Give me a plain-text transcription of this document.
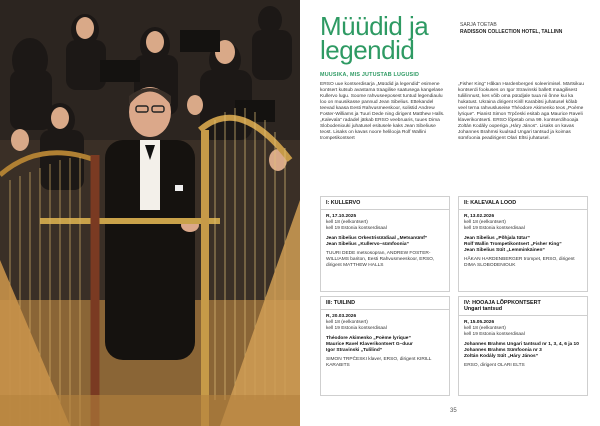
Müüdid ja legendid
SARJA TOETAB
RADISSON COLLECTION HOTEL, TALLINN
MUUSIKA, MIS JUTUSTAB LUGUSID

ERSO uue kontserdisarja „Müüdid ja legendid” esimene kontsert kutsub avastama traagilise saatusega kangelase Kullervo lugu. Soome rahvuseeposest tuntud legendiaulu loo on muusikasse pannud Jean Sibelius. Ettekandel teevad kaasa Eesti Rahvusmeeskoor, solistid Andrew Foster-Williams ja Tuuri Dede ning dirigent Matthew Halls. „Kalevala” radadel jätkab ERSO veebruaris, tuues Dima Slobodeniouki juhatusel esitusele kaks Jean Sibeliuse teost. Lisaks on kavas noore heliloojа Rolf Wallini trompetikontsert

„Fisher King” Håkan Hardenbergeri soleerimisel. Märtsikuu kontserdi fookuses on Igor Stravinski ballett maagilisest tuliilinnust, kes võib oma püüdjale tuua nii õnne kui ka hukatust. Ukraina dirigent Kirill Karabitsi juhatusel kõlab veel terna rahvusluseise Théodore Akimenko teos „Poème lyrique”. Pianist Simon Trpčeski esitab aga Maurice Raveli klaverikontserti. ERSO lõpetab oma 99. kontserdihooaja Zoltán Kodály ooperiga „Háry János”. Lisaks on kavas Johannes Brahmsi kuulsad Ungari tantsud ja koimas sümfoonia peadirigent Olari Eltsi juhatusel.

I: KULLERVO

R, 17.10.2025
kell 18 (eelkontsert)
kell 19 Estonia kontserdisaal

Jean Sibelius Orkestrisüüdiaal „Metsanümf”
Jean Sibelius „Kullervo–sümfoonia”

TUURI DEDE metsosopran, ANDREW FOSTER-WILLIAMS bariton, Eesti Rahvusmeeskoor, ERSO, dirigent MATTHEW HALLS

II: KALEVALA LOOD

R, 13.02.2026
kell 18 (eelkontsert)
kell 19 Estonia kontserdisaal

Jean Sibelius „Põhjala tütar”
Rolf Wallin Trompetikontsert „Fisher King”
Jean Sibelius Süit „Lemminkäinen”

HÅKAN HARDENBERGER trompet, ERSO, dirigent DIMA SLOBODENIOUK

III: TUILIND

R, 20.03.2026
kell 18 (eelkontsert)
kell 19 Estonia kontserdisaal

Théodore Akimenko „Poème lyrique”
Maurice Ravel Klaverikontsert G–duur
Igor Stravinski „Tulilind”

SIMON TRPČESKI klaver, ERSO, dirigent KIRILL KARABITS

IV: HOOAJA LÕPPKONTSERT
Ungari tantsud

R, 15.05.2026
kell 18 (eelkontsert)
kell 19 Estonia kontserdisaal

Johannes Brahms Ungari tantsud nr 1, 3, 4, 6 ja 10
Johannes Brahms Sümfoonia nr 3
Zoltán Kodály Süit „Háry János”

ERSO, dirigent OLARI ELTS

35
